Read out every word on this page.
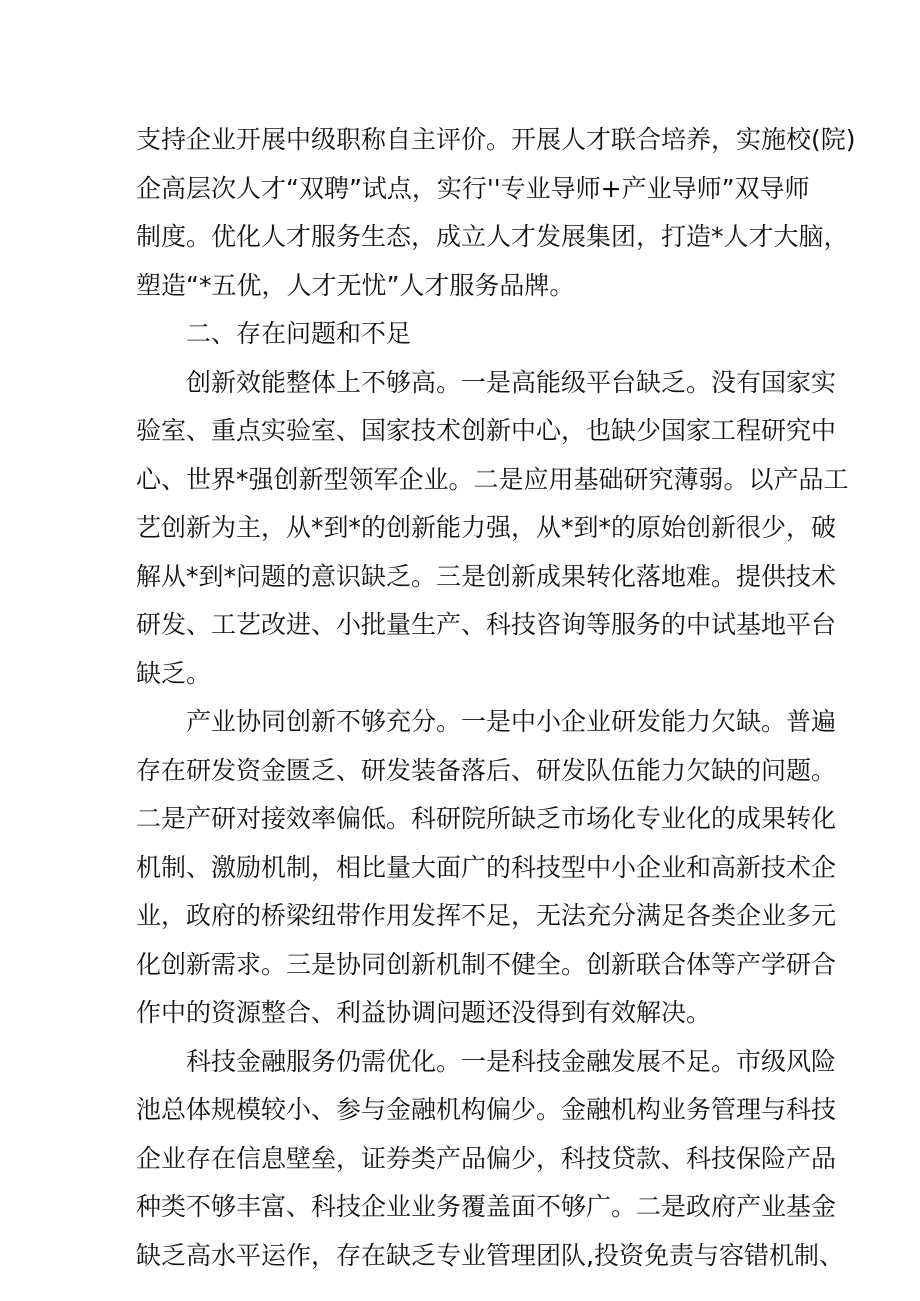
支持企业开展中级职称自主评价。开展人才联合培养，实施校(院)
企高层次人才“双聘”试点，实行''专业导师+产业导师”双导师
制度。优化人才服务生态，成立人才发展集团，打造*人才大脑，
塑造“*五优，人才无忧”人才服务品牌。
二、存在问题和不足
创新效能整体上不够高。一是高能级平台缺乏。没有国家实
验室、重点实验室、国家技术创新中心，也缺少国家工程研究中
心、世界*强创新型领军企业。二是应用基础研究薄弱。以产品工
艺创新为主，从*到*的创新能力强，从*到*的原始创新很少，破
解从*到*问题的意识缺乏。三是创新成果转化落地难。提供技术
研发、工艺改进、小批量生产、科技咨询等服务的中试基地平台
缺乏。
产业协同创新不够充分。一是中小企业研发能力欠缺。普遍
存在研发资金匮乏、研发装备落后、研发队伍能力欠缺的问题。
二是产研对接效率偏低。科研院所缺乏市场化专业化的成果转化
机制、激励机制，相比量大面广的科技型中小企业和高新技术企
业，政府的桥梁纽带作用发挥不足，无法充分满足各类企业多元
化创新需求。三是协同创新机制不健全。创新联合体等产学研合
作中的资源整合、利益协调问题还没得到有效解决。
科技金融服务仍需优化。一是科技金融发展不足。市级风险
池总体规模较小、参与金融机构偏少。金融机构业务管理与科技
企业存在信息壁垒，证券类产品偏少，科技贷款、科技保险产品
种类不够丰富、科技企业业务覆盖面不够广。二是政府产业基金
缺乏高水平运作，存在缺乏专业管理团队,投资免责与容错机制、
